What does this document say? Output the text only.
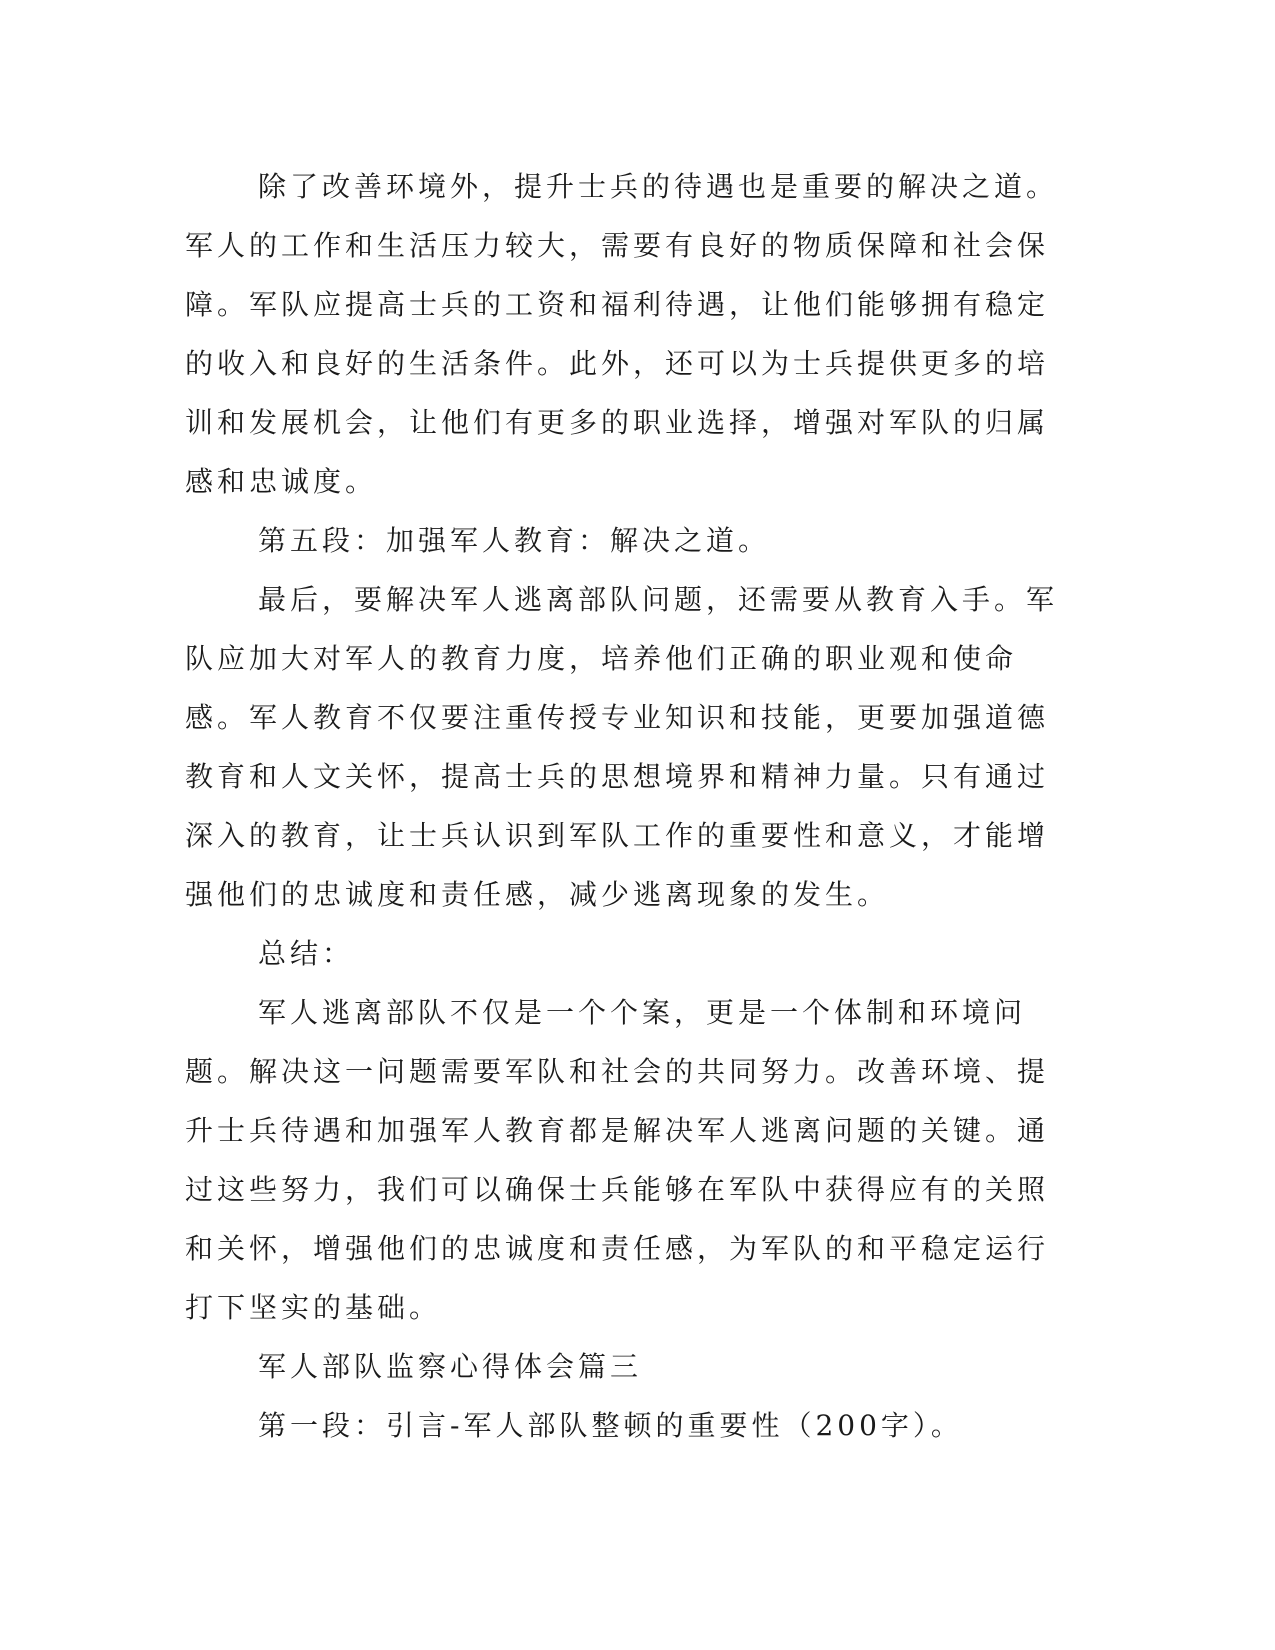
除了改善环境外，提升士兵的待遇也是重要的解决之道。军人的工作和生活压力较大，需要有良好的物质保障和社会保障。军队应提高士兵的工资和福利待遇，让他们能够拥有稳定的收入和良好的生活条件。此外，还可以为士兵提供更多的培训和发展机会，让他们有更多的职业选择，增强对军队的归属感和忠诚度。

第五段：加强军人教育：解决之道。

最后，要解决军人逃离部队问题，还需要从教育入手。军队应加大对军人的教育力度，培养他们正确的职业观和使命感。军人教育不仅要注重传授专业知识和技能，更要加强道德教育和人文关怀，提高士兵的思想境界和精神力量。只有通过深入的教育，让士兵认识到军队工作的重要性和意义，才能增强他们的忠诚度和责任感，减少逃离现象的发生。

总结：

军人逃离部队不仅是一个个案，更是一个体制和环境问题。解决这一问题需要军队和社会的共同努力。改善环境、提升士兵待遇和加强军人教育都是解决军人逃离问题的关键。通过这些努力，我们可以确保士兵能够在军队中获得应有的关照和关怀，增强他们的忠诚度和责任感，为军队的和平稳定运行打下坚实的基础。

军人部队监察心得体会篇三

第一段：引言-军人部队整顿的重要性（200字）。
